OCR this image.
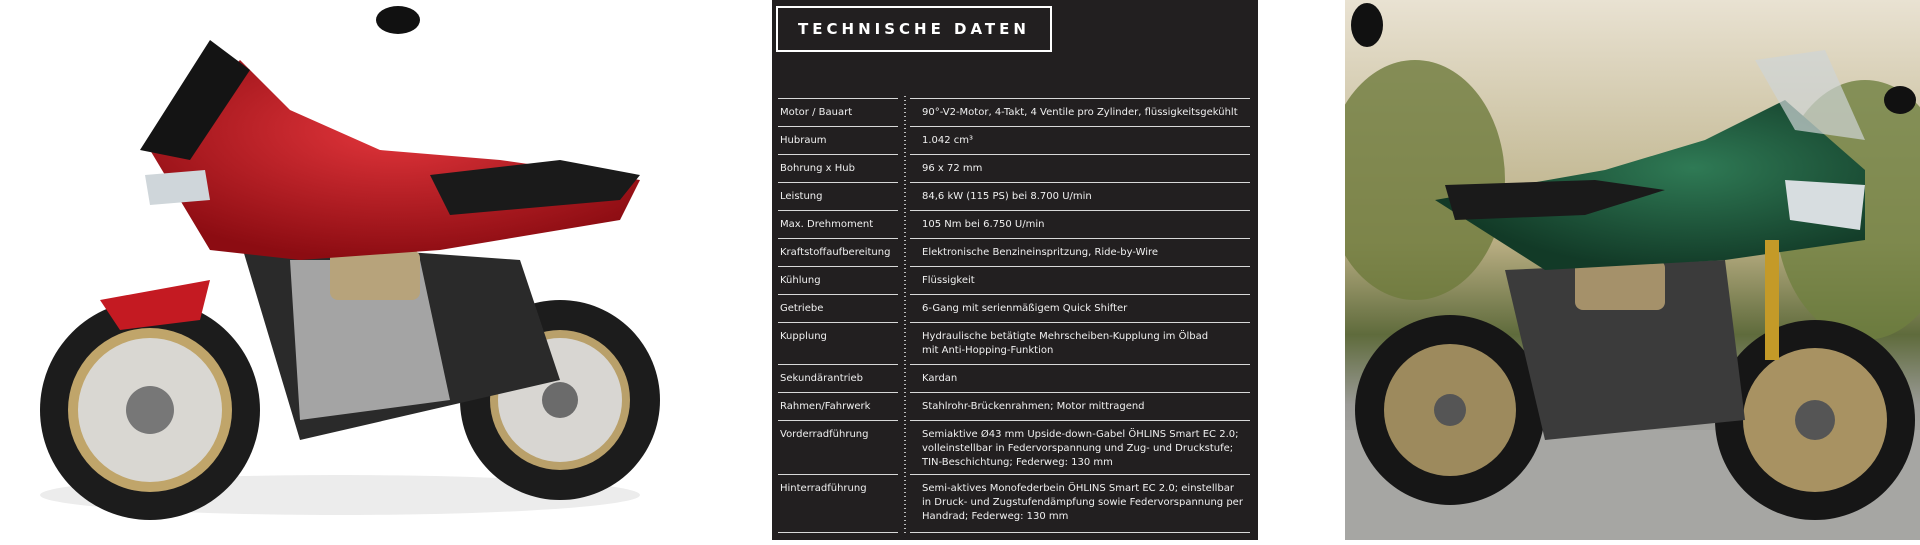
TECHNISCHE DATEN
Motor / Bauart	90°-V2-Motor, 4-Takt, 4 Ventile pro Zylinder, flüssigkeitsgekühlt
Hubraum	1.042 cm³
Bohrung x Hub	96 x 72 mm
Leistung	84,6 kW (115 PS) bei 8.700 U/min
Max. Drehmoment	105 Nm bei 6.750 U/min
Kraftstoffaufbereitung	Elektronische Benzineinspritzung, Ride-by-Wire
Kühlung	Flüssigkeit
Getriebe	6-Gang mit serienmäßigem Quick Shifter
Kupplung	Hydraulische betätigte Mehrscheiben-Kupplung im Ölbad
mit Anti-Hopping-Funktion
Sekundärantrieb	Kardan
Rahmen/Fahrwerk	Stahlrohr-Brückenrahmen; Motor mittragend
Vorderradführung	Semiaktive Ø43 mm Upside-down-Gabel ÖHLINS Smart EC 2.0;
volleinstellbar in Federvorspannung und Zug- und Druckstufe;
TIN-Beschichtung; Federweg: 130 mm
Hinterradführung	Semi-aktives Monofederbein ÖHLINS Smart EC 2.0; einstellbar
in Druck- und Zugstufendämpfung sowie Federvorspannung per
Handrad; Federweg: 130 mm
